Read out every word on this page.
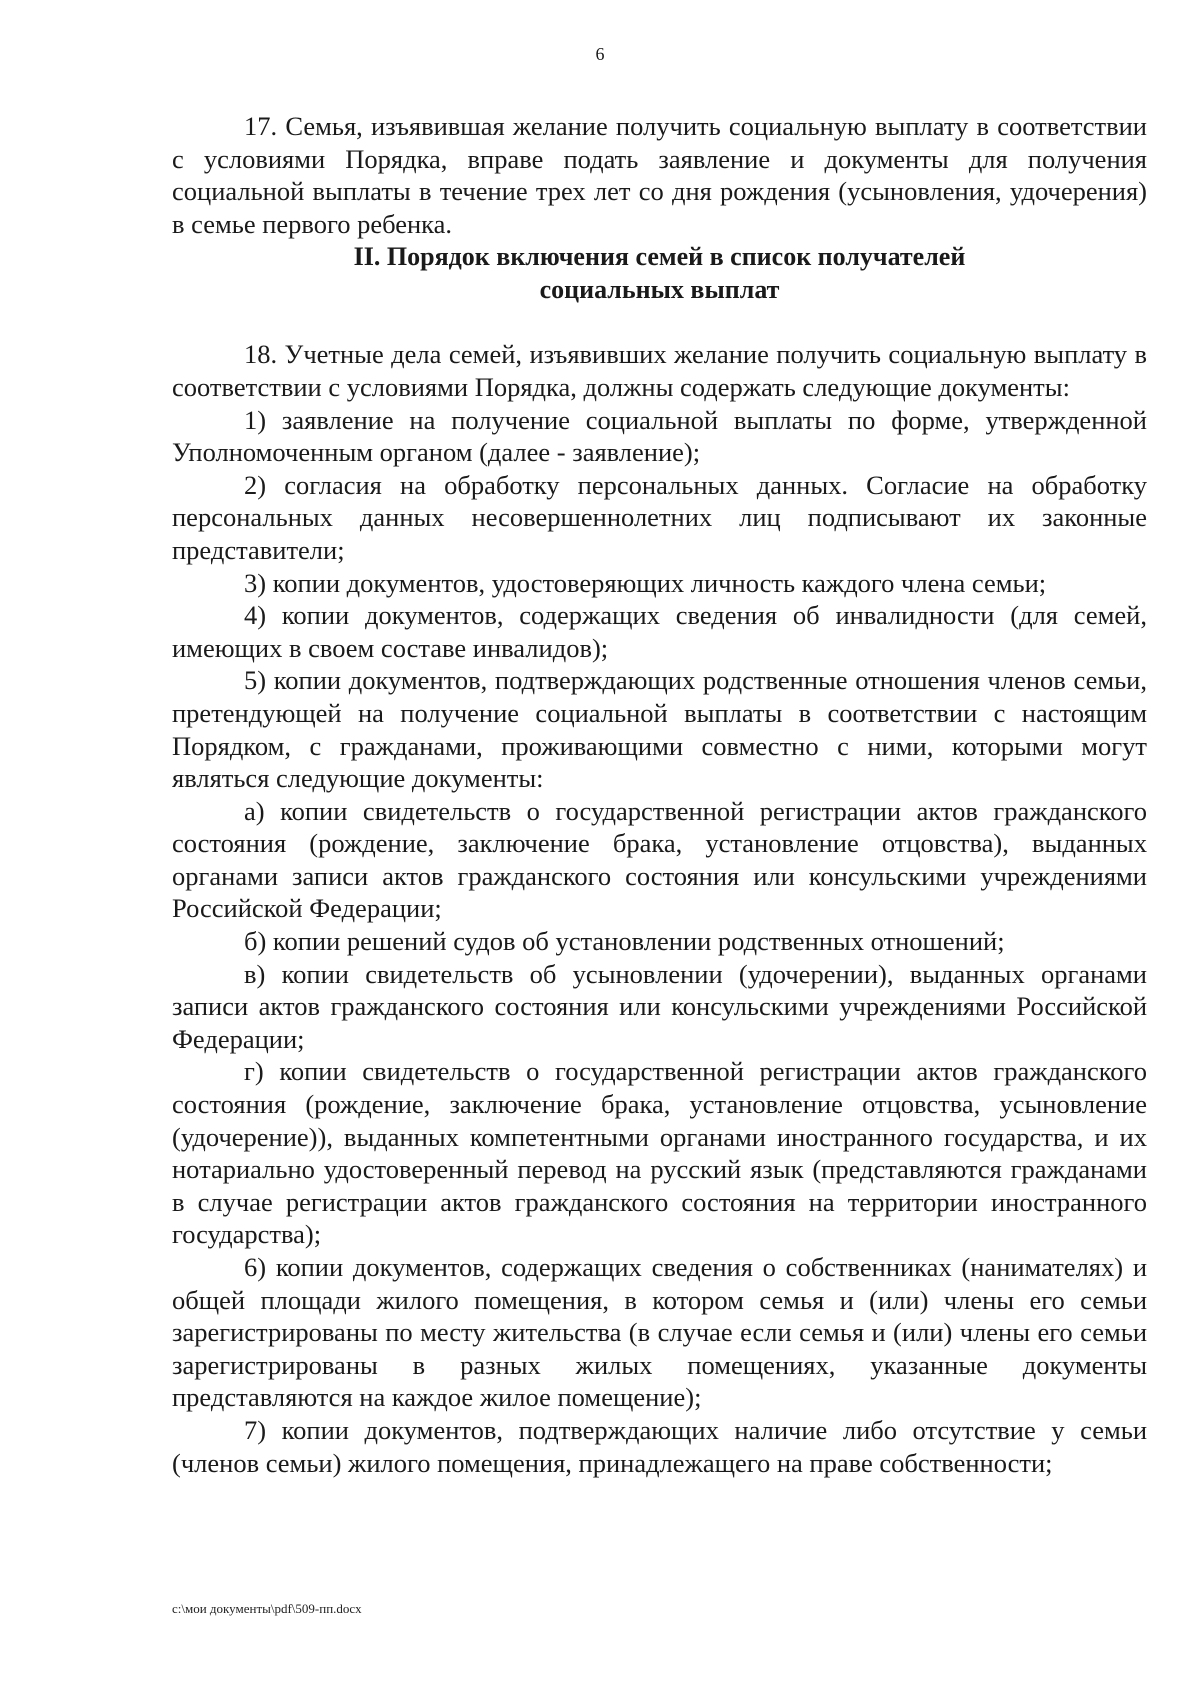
6

17. Семья, изъявившая желание получить социальную выплату в соответствии с условиями Порядка, вправе подать заявление и документы для получения социальной выплаты в течение трех лет со дня рождения (усыновления, удочерения) в семье первого ребенка.

II. Порядок включения семей в список получателей
социальных выплат

18. Учетные дела семей, изъявивших желание получить социальную выплату в соответствии с условиями Порядка, должны содержать следующие документы:

1) заявление на получение социальной выплаты по форме, утвержденной Уполномоченным органом (далее - заявление);

2) согласия на обработку персональных данных. Согласие на обработку персональных данных несовершеннолетних лиц подписывают их законные представители;

3) копии документов, удостоверяющих личность каждого члена семьи;

4) копии документов, содержащих сведения об инвалидности (для семей, имеющих в своем составе инвалидов);

5) копии документов, подтверждающих родственные отношения членов семьи, претендующей на получение социальной выплаты в соответствии с настоящим Порядком, с гражданами, проживающими совместно с ними, которыми могут являться следующие документы:

а) копии свидетельств о государственной регистрации актов гражданского состояния (рождение, заключение брака, установление отцовства), выданных органами записи актов гражданского состояния или консульскими учреждениями Российской Федерации;

б) копии решений судов об установлении родственных отношений;

в) копии свидетельств об усыновлении (удочерении), выданных органами записи актов гражданского состояния или консульскими учреждениями Российской Федерации;

г) копии свидетельств о государственной регистрации актов гражданского состояния (рождение, заключение брака, установление отцовства, усыновление (удочерение)), выданных компетентными органами иностранного государства, и их нотариально удостоверенный перевод на русский язык (представляются гражданами в случае регистрации актов гражданского состояния на территории иностранного государства);

6) копии документов, содержащих сведения о собственниках (нанимателях) и общей площади жилого помещения, в котором семья и (или) члены его семьи зарегистрированы по месту жительства (в случае если семья и (или) члены его семьи зарегистрированы в разных жилых помещениях, указанные документы представляются на каждое жилое помещение);

7) копии документов, подтверждающих наличие либо отсутствие у семьи (членов семьи) жилого помещения, принадлежащего на праве собственности;

c:\мои документы\pdf\509-пп.docx
